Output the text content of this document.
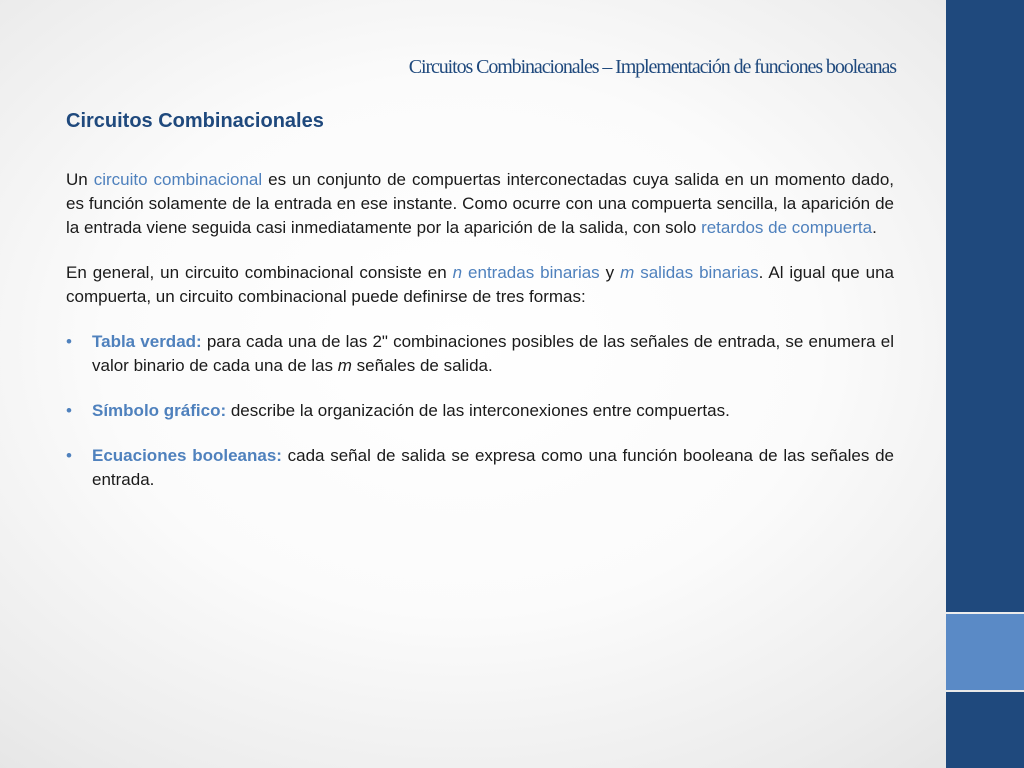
Circuitos Combinacionales – Implementación de funciones booleanas
Circuitos Combinacionales

Un circuito combinacional es un conjunto de compuertas interconectadas cuya salida en un momento dado, es función solamente de la entrada en ese instante. Como ocurre con una compuerta sencilla, la aparición de la entrada viene seguida casi inmediatamente por la aparición de la salida, con solo retardos de compuerta.

En general, un circuito combinacional consiste en n entradas binarias y m salidas binarias. Al igual que una compuerta, un circuito combinacional puede definirse de tres formas:

• Tabla verdad: para cada una de las 2" combinaciones posibles de las señales de entrada, se enumera el valor binario de cada una de las m señales de salida.
• Símbolo gráfico: describe la organización de las interconexiones entre compuertas.
• Ecuaciones booleanas: cada señal de salida se expresa como una función booleana de las señales de entrada.
